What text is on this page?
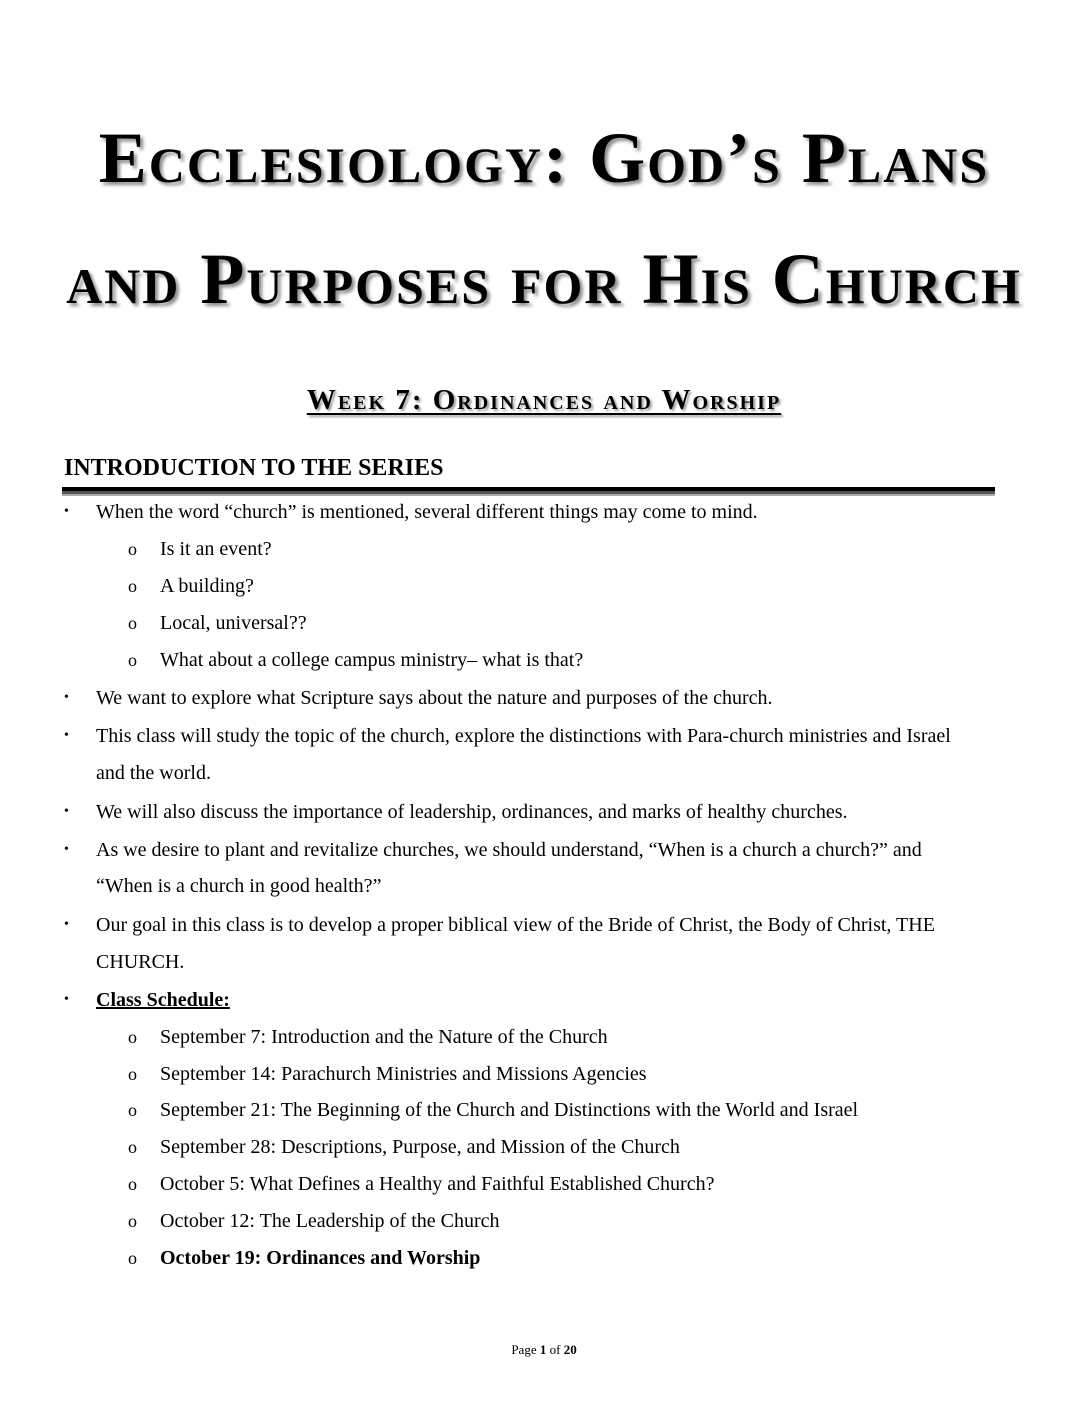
Ecclesiology: God’s Plans
and Purposes for His Church
Week 7: Ordinances and Worship
INTRODUCTION TO THE SERIES
• When the word “church” is mentioned, several different things may come to mind.
o Is it an event?
o A building?
o Local, universal??
o What about a college campus ministry– what is that?
• We want to explore what Scripture says about the nature and purposes of the church.
• This class will study the topic of the church, explore the distinctions with Para-church ministries and Israel
and the world.
• We will also discuss the importance of leadership, ordinances, and marks of healthy churches.
• As we desire to plant and revitalize churches, we should understand, “When is a church a church?” and
“When is a church in good health?”
• Our goal in this class is to develop a proper biblical view of the Bride of Christ, the Body of Christ, THE
CHURCH.
• Class Schedule:
o September 7: Introduction and the Nature of the Church
o September 14: Parachurch Ministries and Missions Agencies
o September 21: The Beginning of the Church and Distinctions with the World and Israel
o September 28: Descriptions, Purpose, and Mission of the Church
o October 5: What Defines a Healthy and Faithful Established Church?
o October 12: The Leadership of the Church
o October 19: Ordinances and Worship
Page 1 of 20
